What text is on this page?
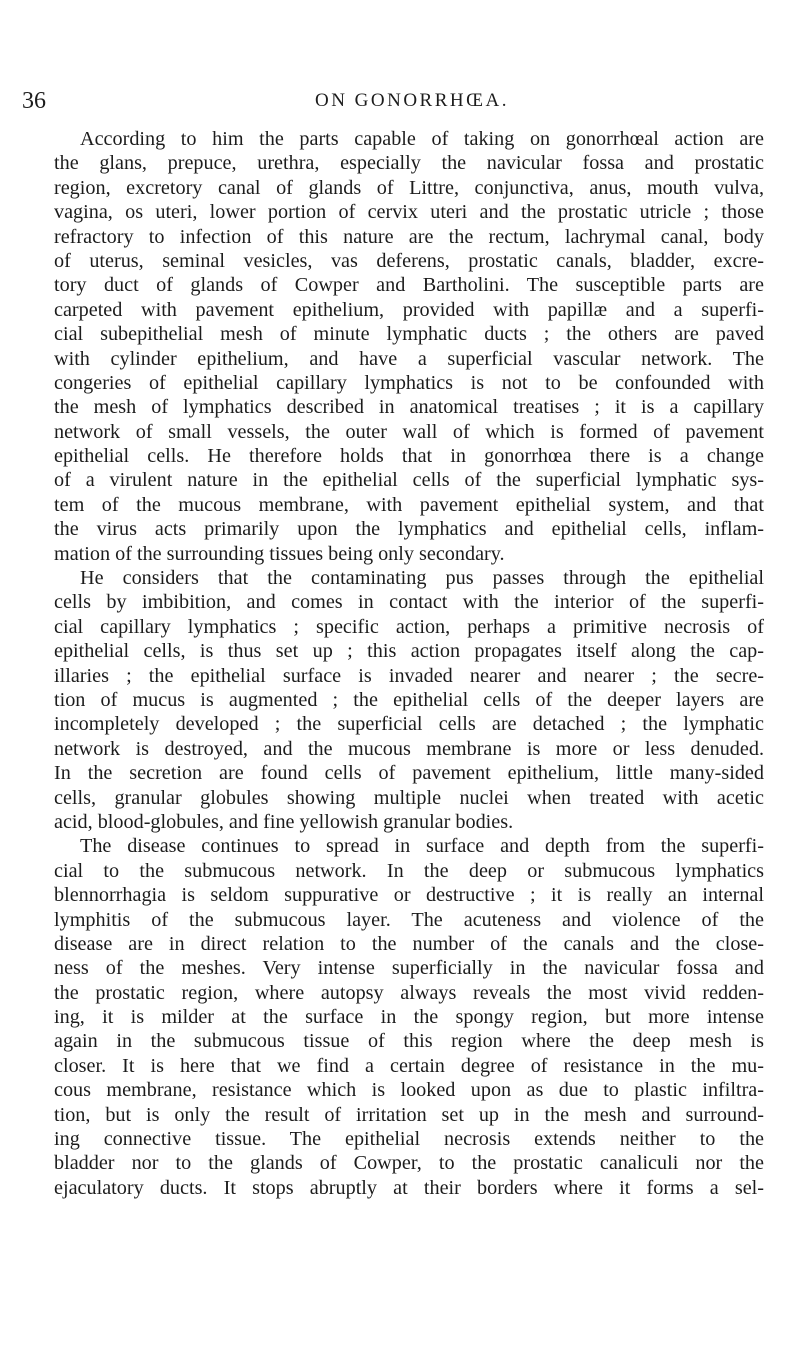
36	ON GONORRHŒA.
According to him the parts capable of taking on gonorrhœal action are
the glans, prepuce, urethra, especially the navicular fossa and prostatic
region, excretory canal of glands of Littre, conjunctiva, anus, mouth vulva,
vagina, os uteri, lower portion of cervix uteri and the prostatic utricle ; those
refractory to infection of this nature are the rectum, lachrymal canal, body
of uterus, seminal vesicles, vas deferens, prostatic canals, bladder, excre-
tory duct of glands of Cowper and Bartholini. The susceptible parts are
carpeted with pavement epithelium, provided with papillæ and a superfi-
cial subepithelial mesh of minute lymphatic ducts ; the others are paved
with cylinder epithelium, and have a superficial vascular network. The
congeries of epithelial capillary lymphatics is not to be confounded with
the mesh of lymphatics described in anatomical treatises ; it is a capillary
network of small vessels, the outer wall of which is formed of pavement
epithelial cells. He therefore holds that in gonorrhœa there is a change
of a virulent nature in the epithelial cells of the superficial lymphatic sys-
tem of the mucous membrane, with pavement epithelial system, and that
the virus acts primarily upon the lymphatics and epithelial cells, inflam-
mation of the surrounding tissues being only secondary.
He considers that the contaminating pus passes through the epithelial
cells by imbibition, and comes in contact with the interior of the superfi-
cial capillary lymphatics ; specific action, perhaps a primitive necrosis of
epithelial cells, is thus set up ; this action propagates itself along the cap-
illaries ; the epithelial surface is invaded nearer and nearer ; the secre-
tion of mucus is augmented ; the epithelial cells of the deeper layers are
incompletely developed ; the superficial cells are detached ; the lymphatic
network is destroyed, and the mucous membrane is more or less denuded.
In the secretion are found cells of pavement epithelium, little many-sided
cells, granular globules showing multiple nuclei when treated with acetic
acid, blood-globules, and fine yellowish granular bodies.
The disease continues to spread in surface and depth from the superfi-
cial to the submucous network. In the deep or submucous lymphatics
blennorrhagia is seldom suppurative or destructive ; it is really an internal
lymphitis of the submucous layer. The acuteness and violence of the
disease are in direct relation to the number of the canals and the close-
ness of the meshes. Very intense superficially in the navicular fossa and
the prostatic region, where autopsy always reveals the most vivid redden-
ing, it is milder at the surface in the spongy region, but more intense
again in the submucous tissue of this region where the deep mesh is
closer. It is here that we find a certain degree of resistance in the mu-
cous membrane, resistance which is looked upon as due to plastic infiltra-
tion, but is only the result of irritation set up in the mesh and surround-
ing connective tissue. The epithelial necrosis extends neither to the
bladder nor to the glands of Cowper, to the prostatic canaliculi nor the
ejaculatory ducts. It stops abruptly at their borders where it forms a sel-
